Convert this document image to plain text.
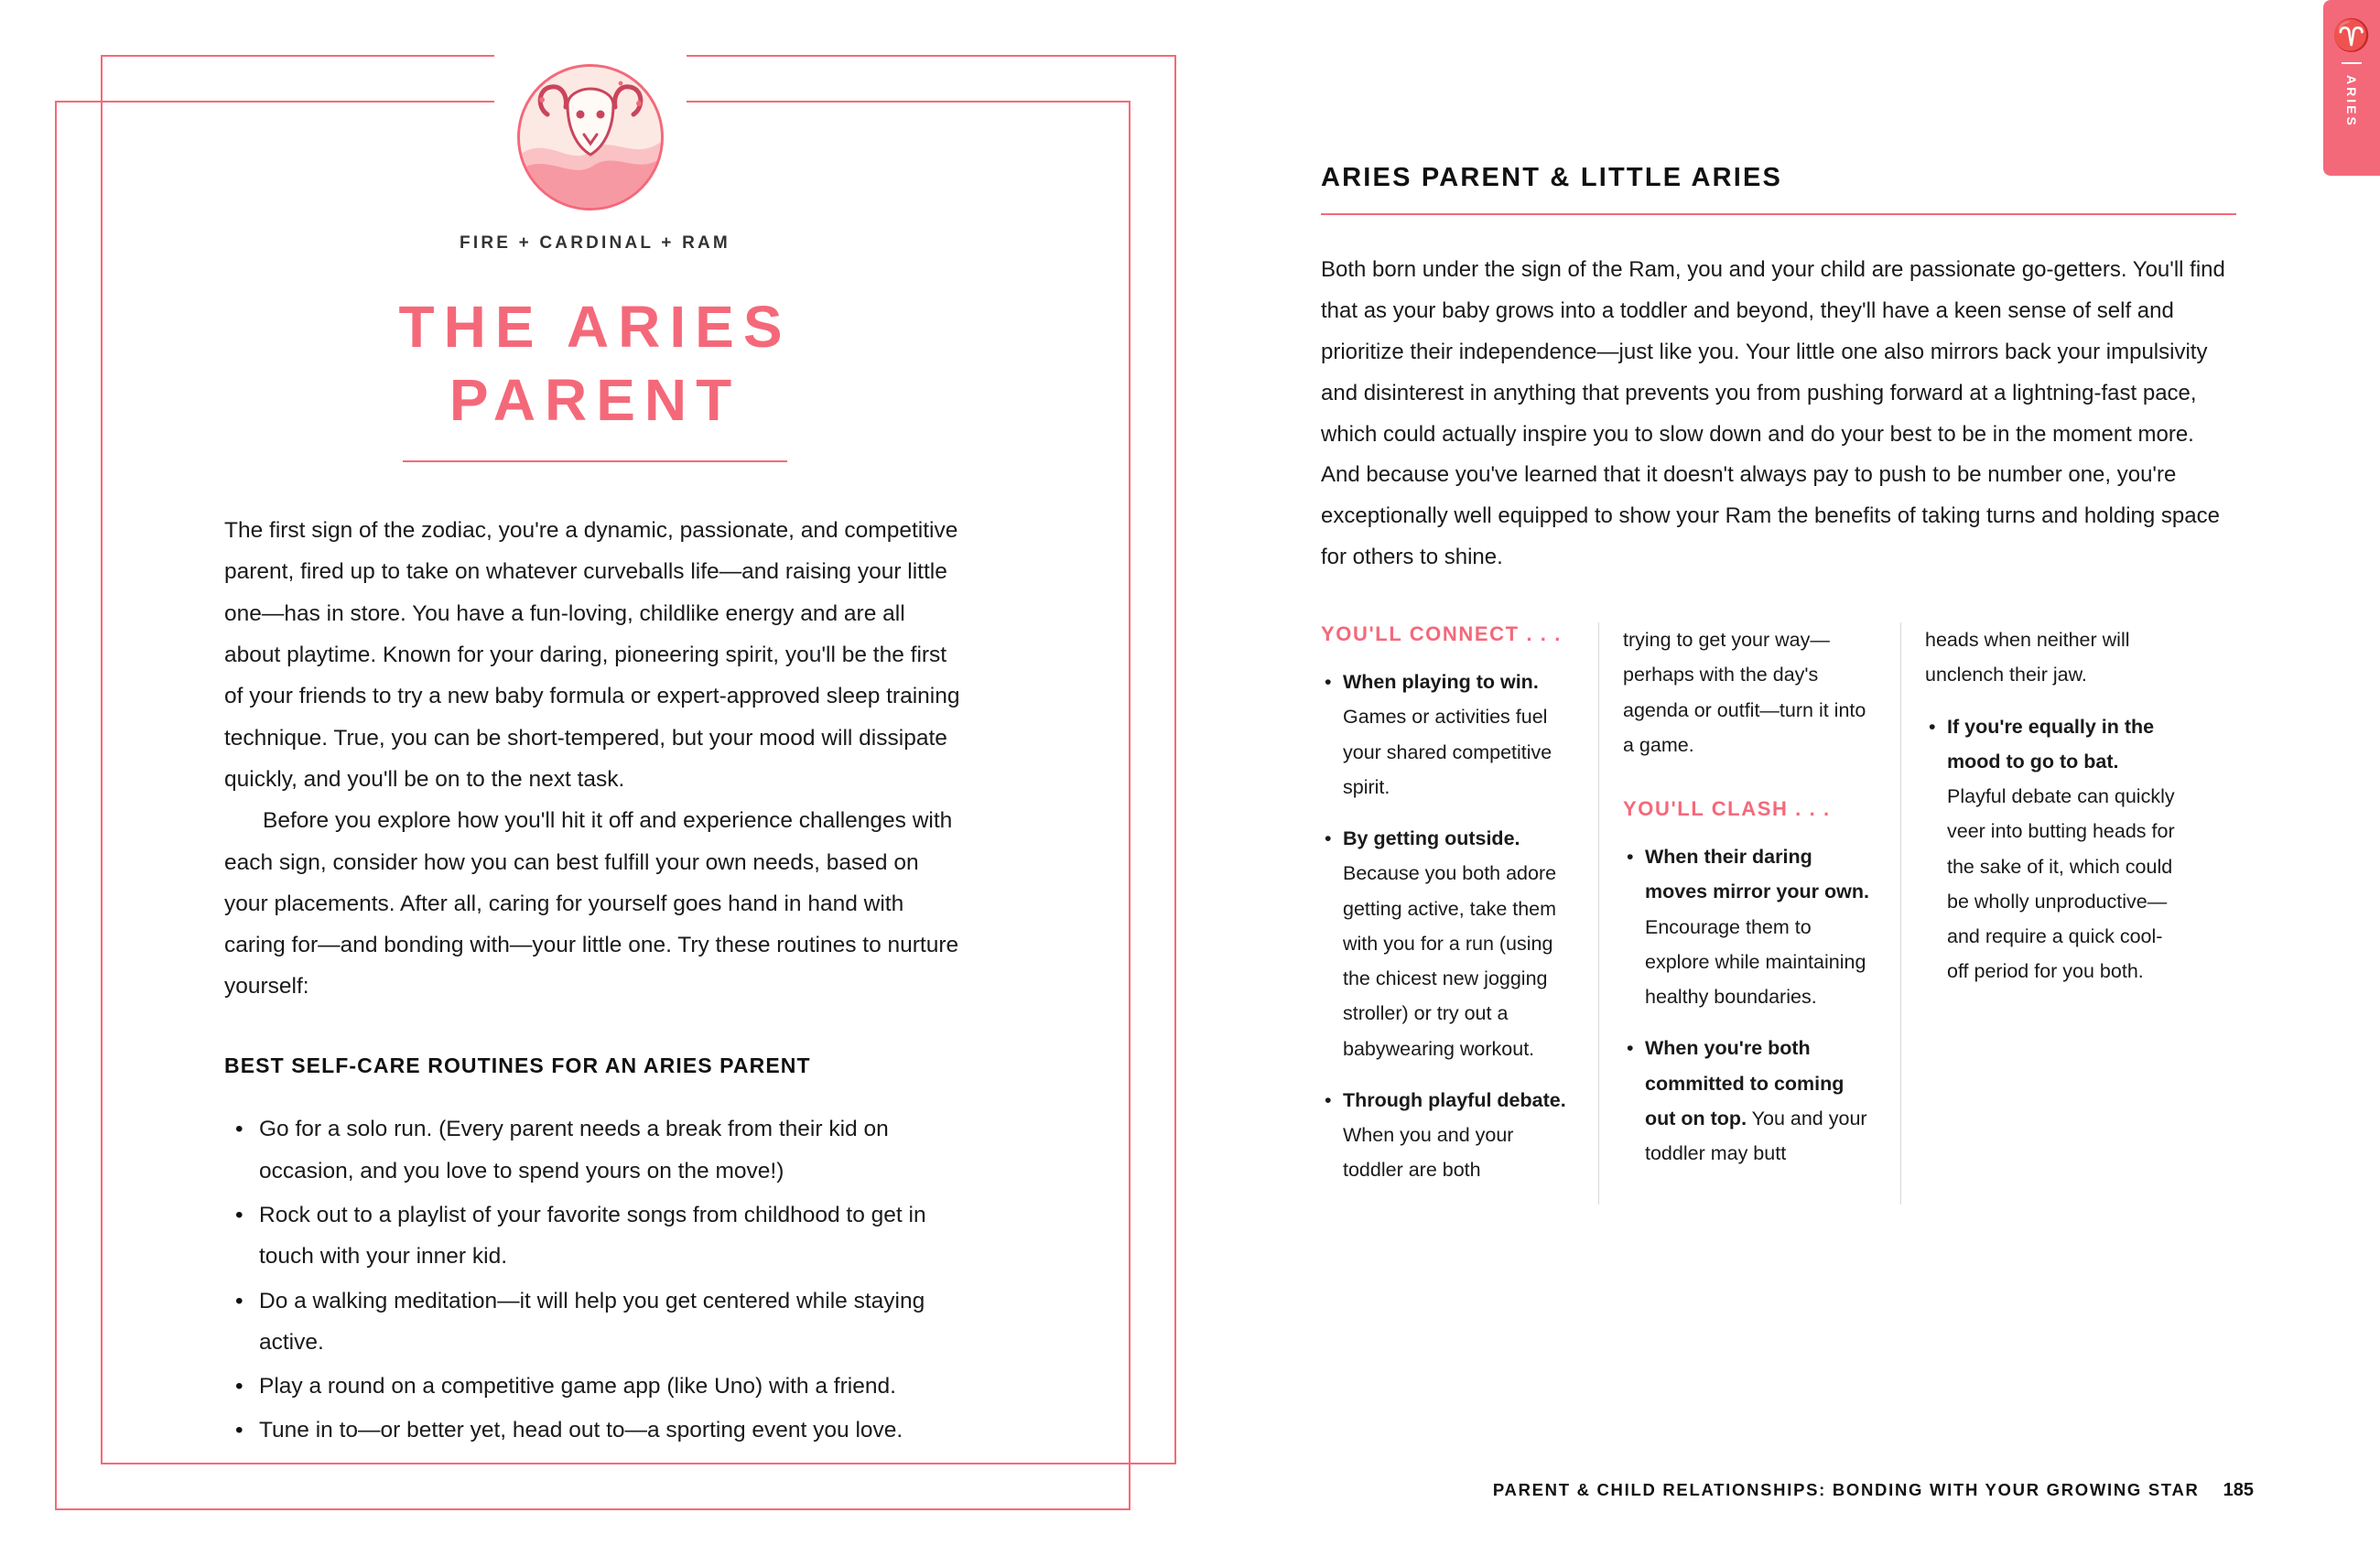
FIRE + CARDINAL + RAM
THE ARIES
PARENT

The first sign of the zodiac, you're a dynamic, passionate, and competitive parent, fired up to take on whatever curveballs life—and raising your little one—has in store. You have a fun-loving, childlike energy and are all about playtime. Known for your daring, pioneering spirit, you'll be the first of your friends to try a new baby formula or expert-approved sleep training technique. True, you can be short-tempered, but your mood will dissipate quickly, and you'll be on to the next task.

Before you explore how you'll hit it off and experience challenges with each sign, consider how you can best fulfill your own needs, based on your placements. After all, caring for yourself goes hand in hand with caring for—and bonding with—your little one. Try these routines to nurture yourself:

BEST SELF-CARE ROUTINES FOR AN ARIES PARENT
• Go for a solo run. (Every parent needs a break from their kid on occasion, and you love to spend yours on the move!)
• Rock out to a playlist of your favorite songs from childhood to get in touch with your inner kid.
• Do a walking meditation—it will help you get centered while staying active.
• Play a round on a competitive game app (like Uno) with a friend.
• Tune in to—or better yet, head out to—a sporting event you love.
♈
ARIES
ARIES PARENT & LITTLE ARIES

Both born under the sign of the Ram, you and your child are passionate go-getters. You'll find that as your baby grows into a toddler and beyond, they'll have a keen sense of self and prioritize their independence—just like you. Your little one also mirrors back your impulsivity and disinterest in anything that prevents you from pushing forward at a lightning-fast pace, which could actually inspire you to slow down and do your best to be in the moment more. And because you've learned that it doesn't always pay to push to be number one, you're exceptionally well equipped to show your Ram the benefits of taking turns and holding space for others to shine.

YOU'LL CONNECT . . .
• When playing to win. Games or activities fuel your shared competitive spirit.
• By getting outside. Because you both adore getting active, take them with you for a run (using the chicest new jogging stroller) or try out a babywearing workout.
• Through playful debate. When you and your toddler are both

trying to get your way—perhaps with the day's agenda or outfit—turn it into a game.

YOU'LL CLASH . . .
• When their daring moves mirror your own. Encourage them to explore while maintaining healthy boundaries.
• When you're both committed to coming out on top. You and your toddler may butt

heads when neither will unclench their jaw.

• If you're equally in the mood to go to bat. Playful debate can quickly veer into butting heads for the sake of it, which could be wholly unproductive—and require a quick cool-off period for you both.
PARENT & CHILD RELATIONSHIPS: BONDING WITH YOUR GROWING STAR 185
